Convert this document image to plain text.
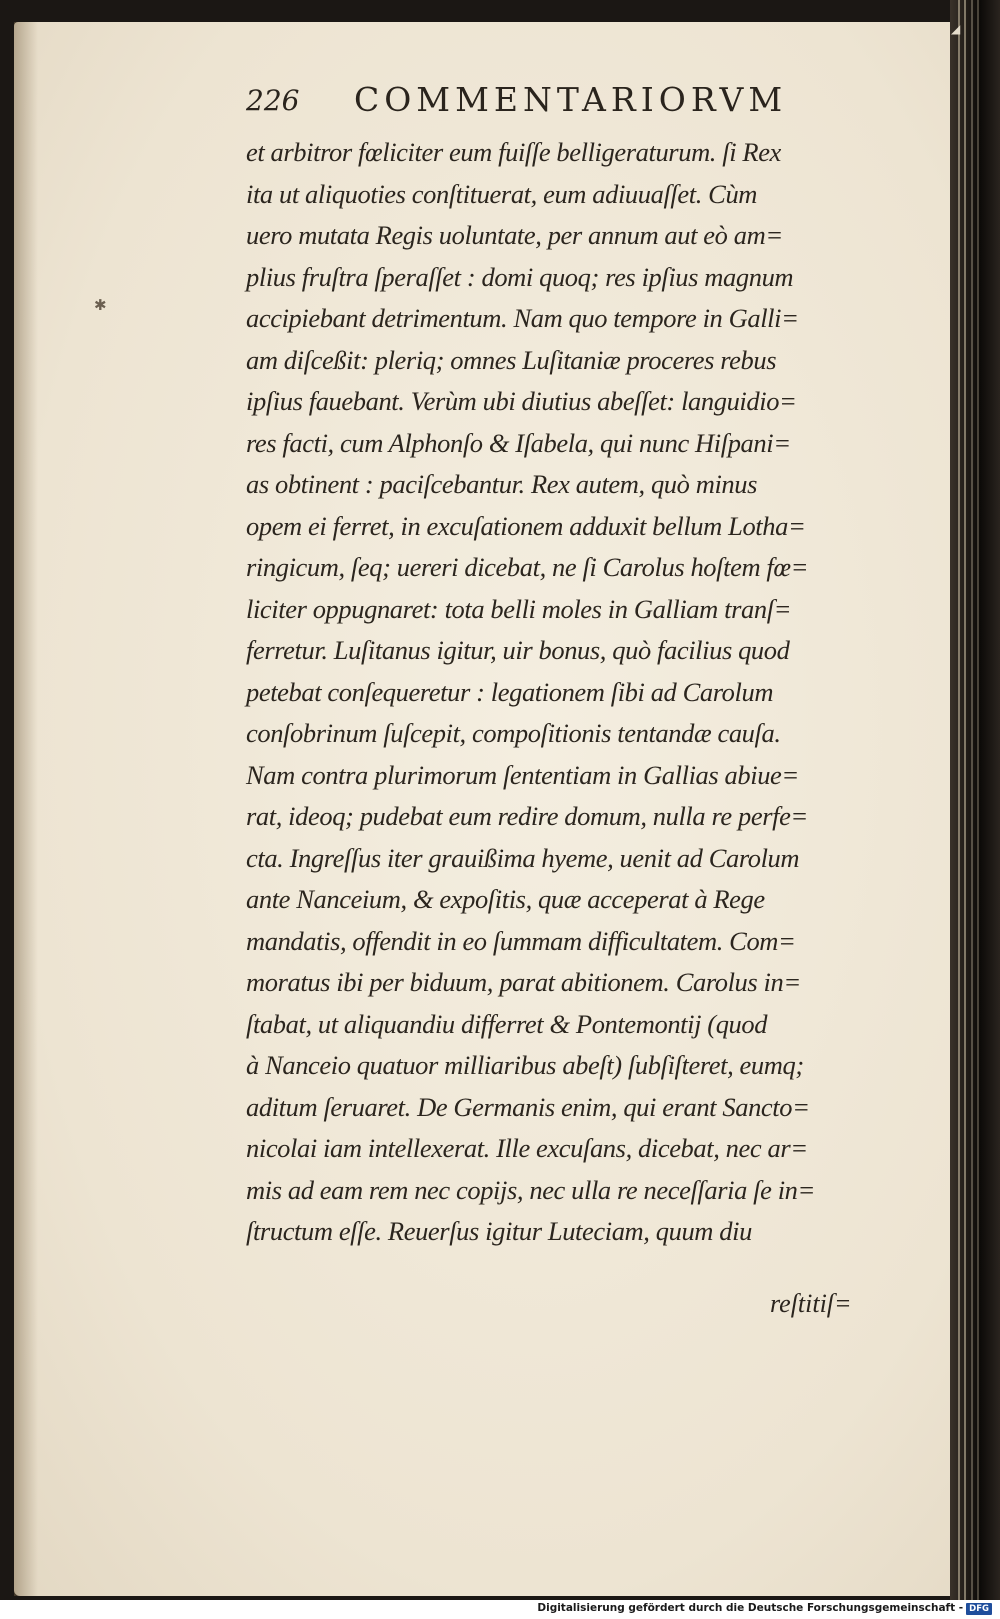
◢
✱
226 COMMENTARIORVM
et arbitror fœliciter eum fuiſſe belligeraturum. ſi Rex
ita ut aliquoties conſtituerat, eum adiuuaſſet. Cùm
uero mutata Regis uoluntate, per annum aut eò am=
plius fruſtra ſperaſſet : domi quoq; res ipſius magnum
accipiebant detrimentum. Nam quo tempore in Galli=
am diſceßit: pleriq; omnes Luſitaniæ proceres rebus
ipſius fauebant. Verùm ubi diutius abeſſet: languidio=
res facti, cum Alphonſo & Iſabela, qui nunc Hiſpani=
as obtinent : paciſcebantur. Rex autem, quò minus
opem ei ferret, in excuſationem adduxit bellum Lotha=
ringicum, ſeq; uereri dicebat, ne ſi Carolus hoſtem fœ=
liciter oppugnaret: tota belli moles in Galliam tranſ=
ferretur. Luſitanus igitur, uir bonus, quò facilius quod
petebat conſequeretur : legationem ſibi ad Carolum
conſobrinum ſuſcepit, compoſitionis tentandæ cauſa.
Nam contra plurimorum ſententiam in Gallias abiue=
rat, ideoq; pudebat eum redire domum, nulla re perfe=
cta. Ingreſſus iter grauißima hyeme, uenit ad Carolum
ante Nanceium, & expoſitis, quæ acceperat à Rege
mandatis, offendit in eo ſummam difficultatem. Com=
moratus ibi per biduum, parat abitionem. Carolus in=
ſtabat, ut aliquandiu differret & Pontemontij (quod
à Nanceio quatuor milliaribus abeſt) ſubſiſteret, eumq;
aditum ſeruaret. De Germanis enim, qui erant Sancto=
nicolai iam intellexerat. Ille excuſans, dicebat, nec ar=
mis ad eam rem nec copijs, nec ulla re neceſſaria ſe in=
ſtructum eſſe. Reuerſus igitur Luteciam, quum diu
reſtitiſ=
Digitalisierung gefördert durch die Deutsche Forschungsgemeinschaft - DFG
